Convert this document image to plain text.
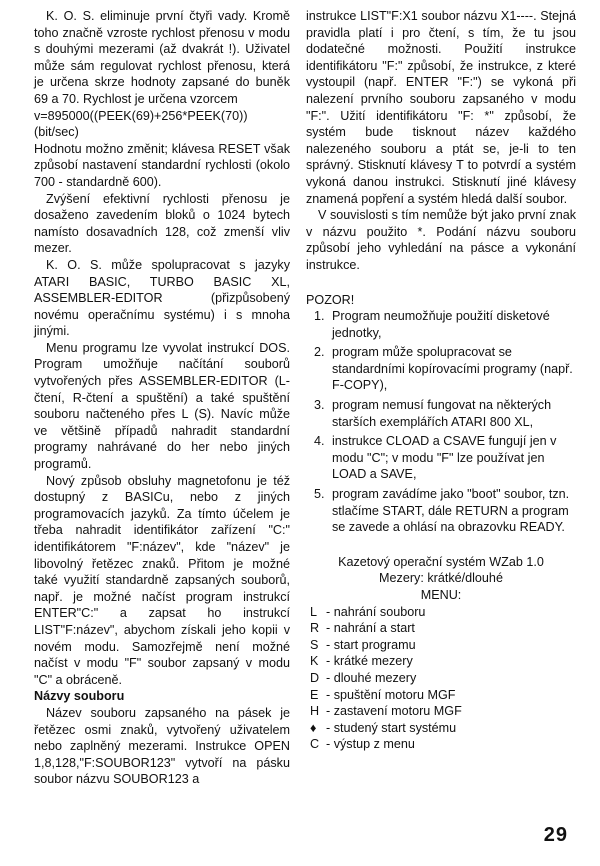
K. O. S. eliminuje první čtyři vady. Kromě toho značně vzroste rychlost přenosu v modu s douhými mezerami (až dvakrát !). Uživatel může sám regulovat rychlost přenosu, která je určena skrze hodnoty zapsané do buněk 69 a 70. Rychlost je určena vzorcem

v=895000((PEEK(69)+256*PEEK(70)) (bit/sec)

Hodnotu možno změnit; klávesa RESET však způsobí nastavení standardní rychlosti (okolo 700 - standardně 600).

Zvýšení efektivní rychlosti přenosu je dosaženo zavedením bloků o 1024 bytech namísto dosavadních 128, což zmenší vliv mezer.

K. O. S. může spolupracovat s jazyky ATARI BASIC, TURBO BASIC XL, ASSEMBLER-EDITOR (přizpůsobený novému operačnímu systému) i s mnoha jinými.

Menu programu lze vyvolat instrukcí DOS. Program umožňuje načítání souborů vytvořených přes ASSEMBLER-EDITOR (L-čtení, R-čtení a spuštění) a také spuštění souboru načteného přes L (S). Navíc může ve většině případů nahradit standardní programy nahrávané do her nebo jiných programů.

Nový způsob obsluhy magnetofonu je též dostupný z BASICu, nebo z jiných programovacích jazyků. Za tímto účelem je třeba nahradit identifikátor zařízení "C:" identifikátorem "F:název", kde "název" je libovolný řetězec znaků. Přitom je možné také využití standardně zapsaných souborů, např. je možné načíst program instrukcí ENTER"C:" a zapsat ho instrukcí LIST"F:název", abychom získali jeho kopii v novém modu. Samozřejmě není možné načíst v modu "F" soubor zapsaný v modu "C" a obráceně.

Názvy souboru

Název souboru zapsaného na pásek je řetězec osmi znaků, vytvořený uživatelem nebo zaplněný mezerami. Instrukce OPEN 1,8,128,"F:SOUBOR123" vytvoří na pásku soubor názvu SOUBOR123 a

instrukce LIST"F:X1 soubor názvu X1----. Stejná pravidla platí i pro čtení, s tím, že tu jsou dodatečné možnosti. Použití instrukce identifikátoru "F:" způsobí, že instrukce, z které vystoupil (např. ENTER "F:") se vykoná při nalezení prvního souboru zapsaného v modu "F:". Užití identifikátoru "F: *" způsobí, že systém bude tisknout název každého nalezeného souboru a ptát se, je-li to ten správný. Stisknutí klávesy T to potvrdí a systém vykoná danou instrukci. Stisknutí jiné klávesy znamená popření a systém hledá další soubor.

V souvislosti s tím nemůže být jako první znak v názvu použito *. Podání názvu souboru způsobí jeho vyhledání na pásce a vykonání instrukce.

POZOR!

1. Program neumožňuje použití disketové jednotky,
2. program může spolupracovat se standardními kopírovacími programy (např. F-COPY),
3. program nemusí fungovat na některých starších exemplářích ATARI 800 XL,
4. instrukce CLOAD a CSAVE fungují jen v modu "C"; v modu "F" lze používat jen LOAD a SAVE,
5. program zavádíme jako "boot" soubor, tzn. stlačíme START, dále RETURN a program se zavede a ohlásí na obrazovku READY.

Kazetový operační systém WZab 1.0

Mezery: krátké/dlouhé

MENU:

L - nahrání souboru
R - nahrání a start
S - start programu
K - krátké mezery
D - dlouhé mezery
E - spuštění motoru MGF
H - zastavení motoru MGF
♦ - studený start systému
C - výstup z menu
29
